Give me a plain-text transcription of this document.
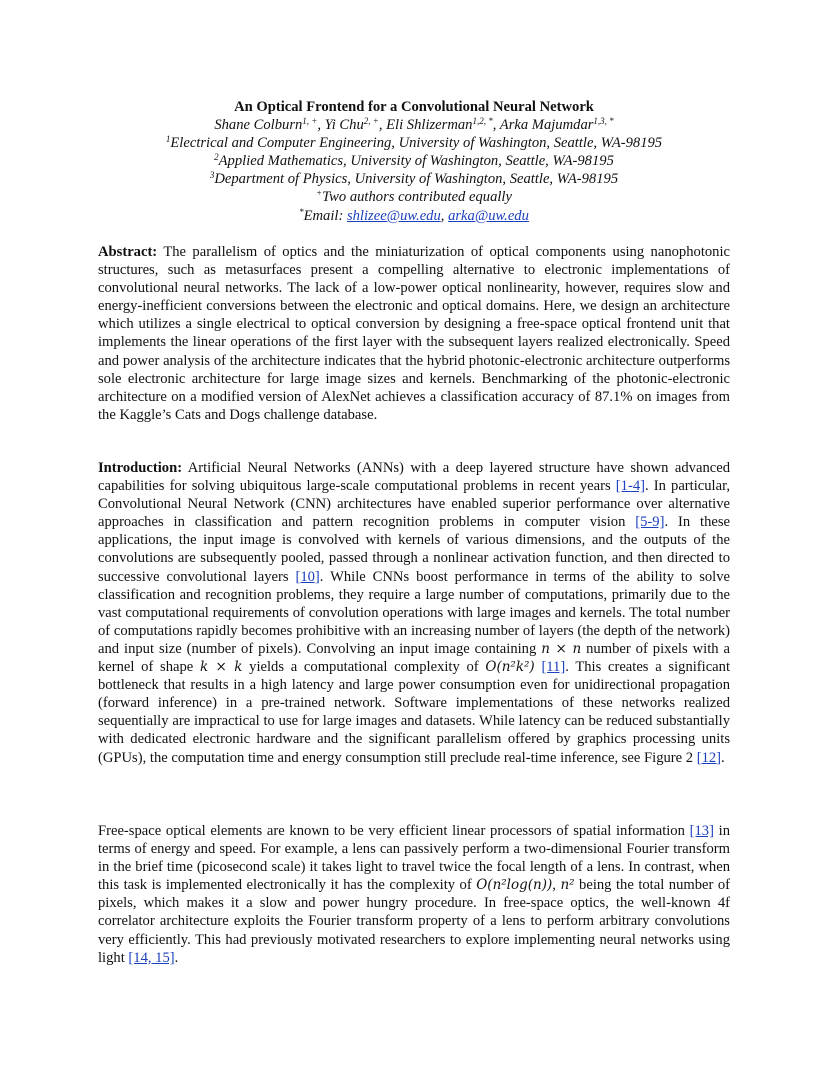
An Optical Frontend for a Convolutional Neural Network
Shane Colburn$^{1, +}$, Yi Chu$^{2, +}$, Eli Shlizerman$^{1,2, *}$, Arka Majumdar$^{1,3, *}$
$^1$Electrical and Computer Engineering, University of Washington, Seattle, WA-98195
$^2$Applied Mathematics, University of Washington, Seattle, WA-98195
$^3$Department of Physics, University of Washington, Seattle, WA-98195
+Two authors contributed equally
*Email: shlizee@uw.edu, arka@uw.edu
Abstract: The parallelism of optics and the miniaturization of optical components using nanophotonic structures, such as metasurfaces present a compelling alternative to electronic implementations of convolutional neural networks. The lack of a low-power optical nonlinearity, however, requires slow and energy-inefficient conversions between the electronic and optical domains. Here, we design an architecture which utilizes a single electrical to optical conversion by designing a free-space optical frontend unit that implements the linear operations of the first layer with the subsequent layers realized electronically. Speed and power analysis of the architecture indicates that the hybrid photonic-electronic architecture outperforms sole electronic architecture for large image sizes and kernels. Benchmarking of the photonic-electronic architecture on a modified version of AlexNet achieves a classification accuracy of 87.1% on images from the Kaggle’s Cats and Dogs challenge database.
Introduction: Artificial Neural Networks (ANNs) with a deep layered structure have shown advanced capabilities for solving ubiquitous large-scale computational problems in recent years [1-4]. In particular, Convolutional Neural Network (CNN) architectures have enabled superior performance over alternative approaches in classification and pattern recognition problems in computer vision [5-9]. In these applications, the input image is convolved with kernels of various dimensions, and the outputs of the convolutions are subsequently pooled, passed through a nonlinear activation function, and then directed to successive convolutional layers [10]. While CNNs boost performance in terms of the ability to solve classification and recognition problems, they require a large number of computations, primarily due to the vast computational requirements of convolution operations with large images and kernels. The total number of computations rapidly becomes prohibitive with an increasing number of layers (the depth of the network) and input size (number of pixels). Convolving an input image containing n × n number of pixels with a kernel of shape k × k yields a computational complexity of O(n²k²) [11]. This creates a significant bottleneck that results in a high latency and large power consumption even for unidirectional propagation (forward inference) in a pre-trained network. Software implementations of these networks realized sequentially are impractical to use for large images and datasets. While latency can be reduced substantially with dedicated electronic hardware and the significant parallelism offered by graphics processing units (GPUs), the computation time and energy consumption still preclude real-time inference, see Figure 2 [12].
Free-space optical elements are known to be very efficient linear processors of spatial information [13] in terms of energy and speed. For example, a lens can passively perform a two-dimensional Fourier transform in the brief time (picosecond scale) it takes light to travel twice the focal length of a lens. In contrast, when this task is implemented electronically it has the complexity of O(n²log(n)), n² being the total number of pixels, which makes it a slow and power hungry procedure. In free-space optics, the well-known 4f correlator architecture exploits the Fourier transform property of a lens to perform arbitrary convolutions very efficiently. This had previously motivated researchers to explore implementing neural networks using light [14, 15].
